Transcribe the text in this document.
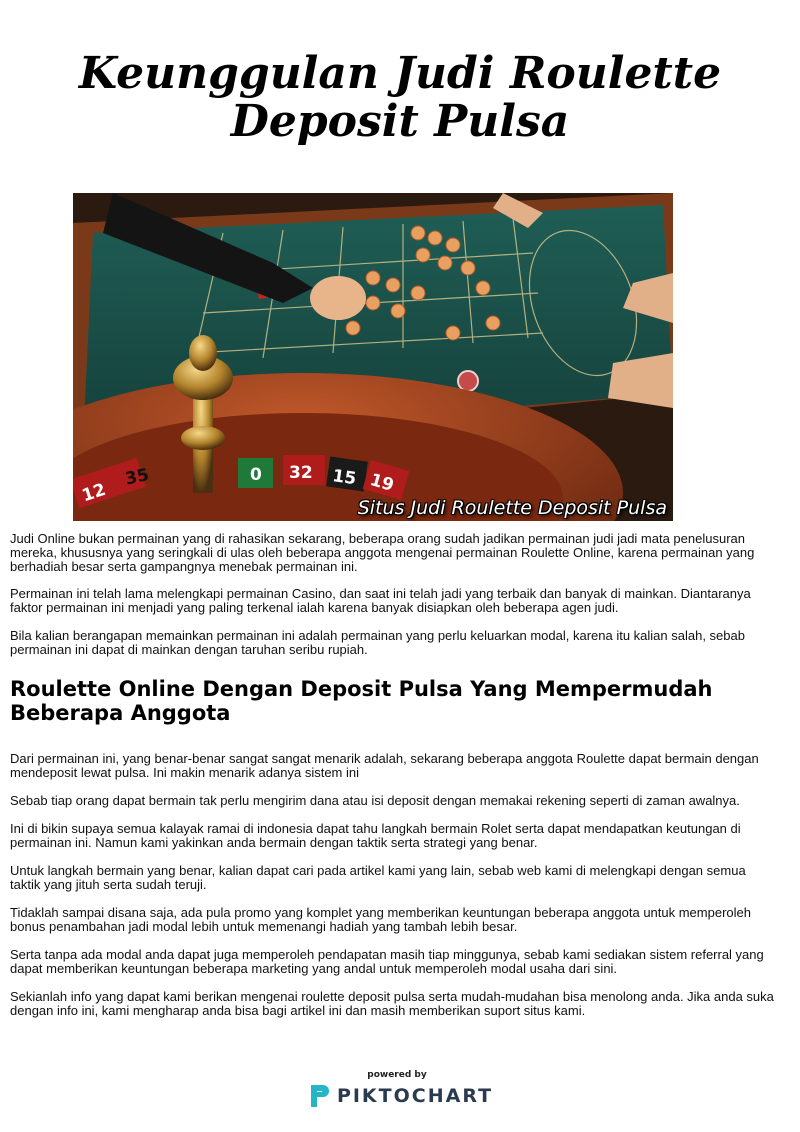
Keunggulan Judi Roulette
Deposit Pulsa
12
35	0 32 15 19
Situs Judi Roulette Deposit Pulsa

Judi Online bukan permainan yang di rahasikan sekarang, beberapa orang sudah jadikan permainan judi jadi mata penelusuran mereka, khususnya yang seringkali di ulas oleh beberapa anggota mengenai permainan Roulette Online, karena permainan yang berhadiah besar serta gampangnya menebak permainan ini.

Permainan ini telah lama melengkapi permainan Casino, dan saat ini telah jadi yang terbaik dan banyak di mainkan. Diantaranya faktor permainan ini menjadi yang paling terkenal ialah karena banyak disiapkan oleh beberapa agen judi.

Bila kalian berangapan memainkan permainan ini adalah permainan yang perlu keluarkan modal, karena itu kalian salah, sebab permainan ini dapat di mainkan dengan taruhan seribu rupiah.

Roulette Online Dengan Deposit Pulsa Yang Mempermudah Beberapa Anggota

Dari permainan ini, yang benar-benar sangat sangat menarik adalah, sekarang beberapa anggota Roulette dapat bermain dengan mendeposit lewat pulsa. Ini makin menarik adanya sistem ini

Sebab tiap orang dapat bermain tak perlu mengirim dana atau isi deposit dengan memakai rekening seperti di zaman awalnya.

Ini di bikin supaya semua kalayak ramai di indonesia dapat tahu langkah bermain Rolet serta dapat mendapatkan keutungan di permainan ini. Namun kami yakinkan anda bermain dengan taktik serta strategi yang benar.

Untuk langkah bermain yang benar, kalian dapat cari pada artikel kami yang lain, sebab web kami di melengkapi dengan semua taktik yang jituh serta sudah teruji.

Tidaklah sampai disana saja, ada pula promo yang komplet yang memberikan keuntungan beberapa anggota untuk memperoleh bonus penambahan jadi modal lebih untuk memenangi hadiah yang tambah lebih besar.

Serta tanpa ada modal anda dapat juga memperoleh pendapatan masih tiap minggunya, sebab kami sediakan sistem referral yang dapat memberikan keuntungan beberapa marketing yang andal untuk memperoleh modal usaha dari sini.

Sekianlah info yang dapat kami berikan mengenai roulette deposit pulsa serta mudah-mudahan bisa menolong anda. Jika anda suka dengan info ini, kami mengharap anda bisa bagi artikel ini dan masih memberikan suport situs kami.

powered by
PIKTOCHART
